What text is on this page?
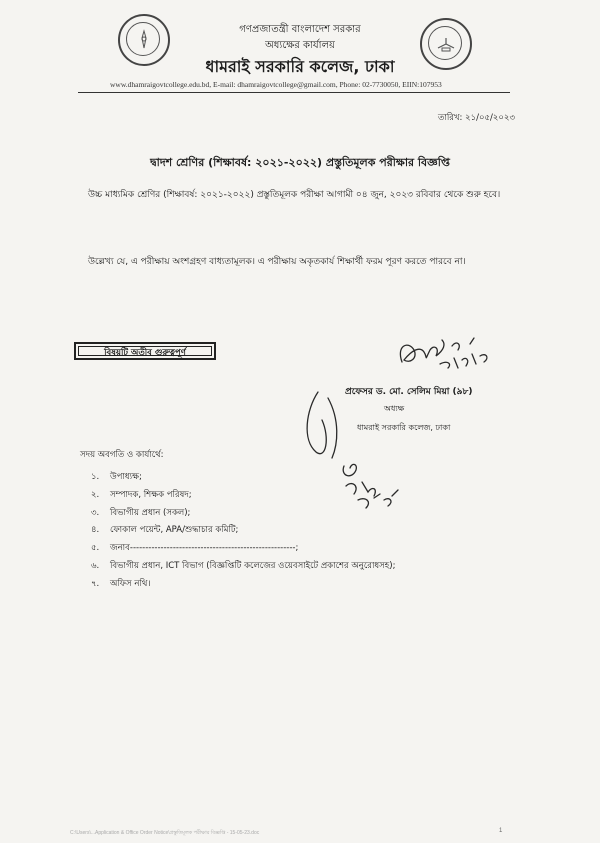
গণপ্রজাতন্ত্রী বাংলাদেশ সরকার
অধ্যক্ষের কার্যালয়
ধামরাই সরকারি কলেজ, ঢাকা
www.dhamraigovtcollege.edu.bd, E-mail: dhamraigovtcollege@gmail.com, Phone: 02-7730050, EIIN:107953
তারিখ: ২১/০৫/২০২৩
দ্বাদশ শ্রেণির (শিক্ষাবর্ষ: ২০২১-২০২২) প্রস্তুতিমূলক পরীক্ষার বিজ্ঞপ্তি
উচ্চ মাধ্যমিক শ্রেণির (শিক্ষাবর্ষ: ২০২১-২০২২) প্রস্তুতিমূলক পরীক্ষা আগামী ০৪ জুন, ২০২৩ রবিবার থেকে শুরু হবে।
উল্লেখ্য যে, এ পরীক্ষায় অংশগ্রহণ বাধ্যতামূলক। এ পরীক্ষায় অকৃতকার্য শিক্ষার্থী ফরম পূরণ করতে পারবে না।
বিষয়টি অতীব গুরুত্বপূর্ণ
প্রফেসর ড. মো. সেলিম মিয়া (৯৮)
অধ্যক্ষ
ধামরাই সরকারি কলেজ, ঢাকা
সদয় অবগতি ও কার্যার্থে:
১. উপাধ্যক্ষ;
২. সম্পাদক, শিক্ষক পরিষদ;
৩. বিভাগীয় প্রধান (সকল);
৪. ফোকাল পয়েন্ট, APA/শুদ্ধাচার কমিটি;
৫. জনাব------------------------------------------------------;
৬. বিভাগীয় প্রধান, ICT বিভাগ (বিজ্ঞপ্তিটি কলেজের ওয়েবসাইটে প্রকাশের অনুরোধসহ);
৭. অফিস নথি।
C:\Users\...Application & Office Order Notice\প্রস্তুতিমূলক পরীক্ষার বিজ্ঞপ্তি - 15-05-23.doc	1
